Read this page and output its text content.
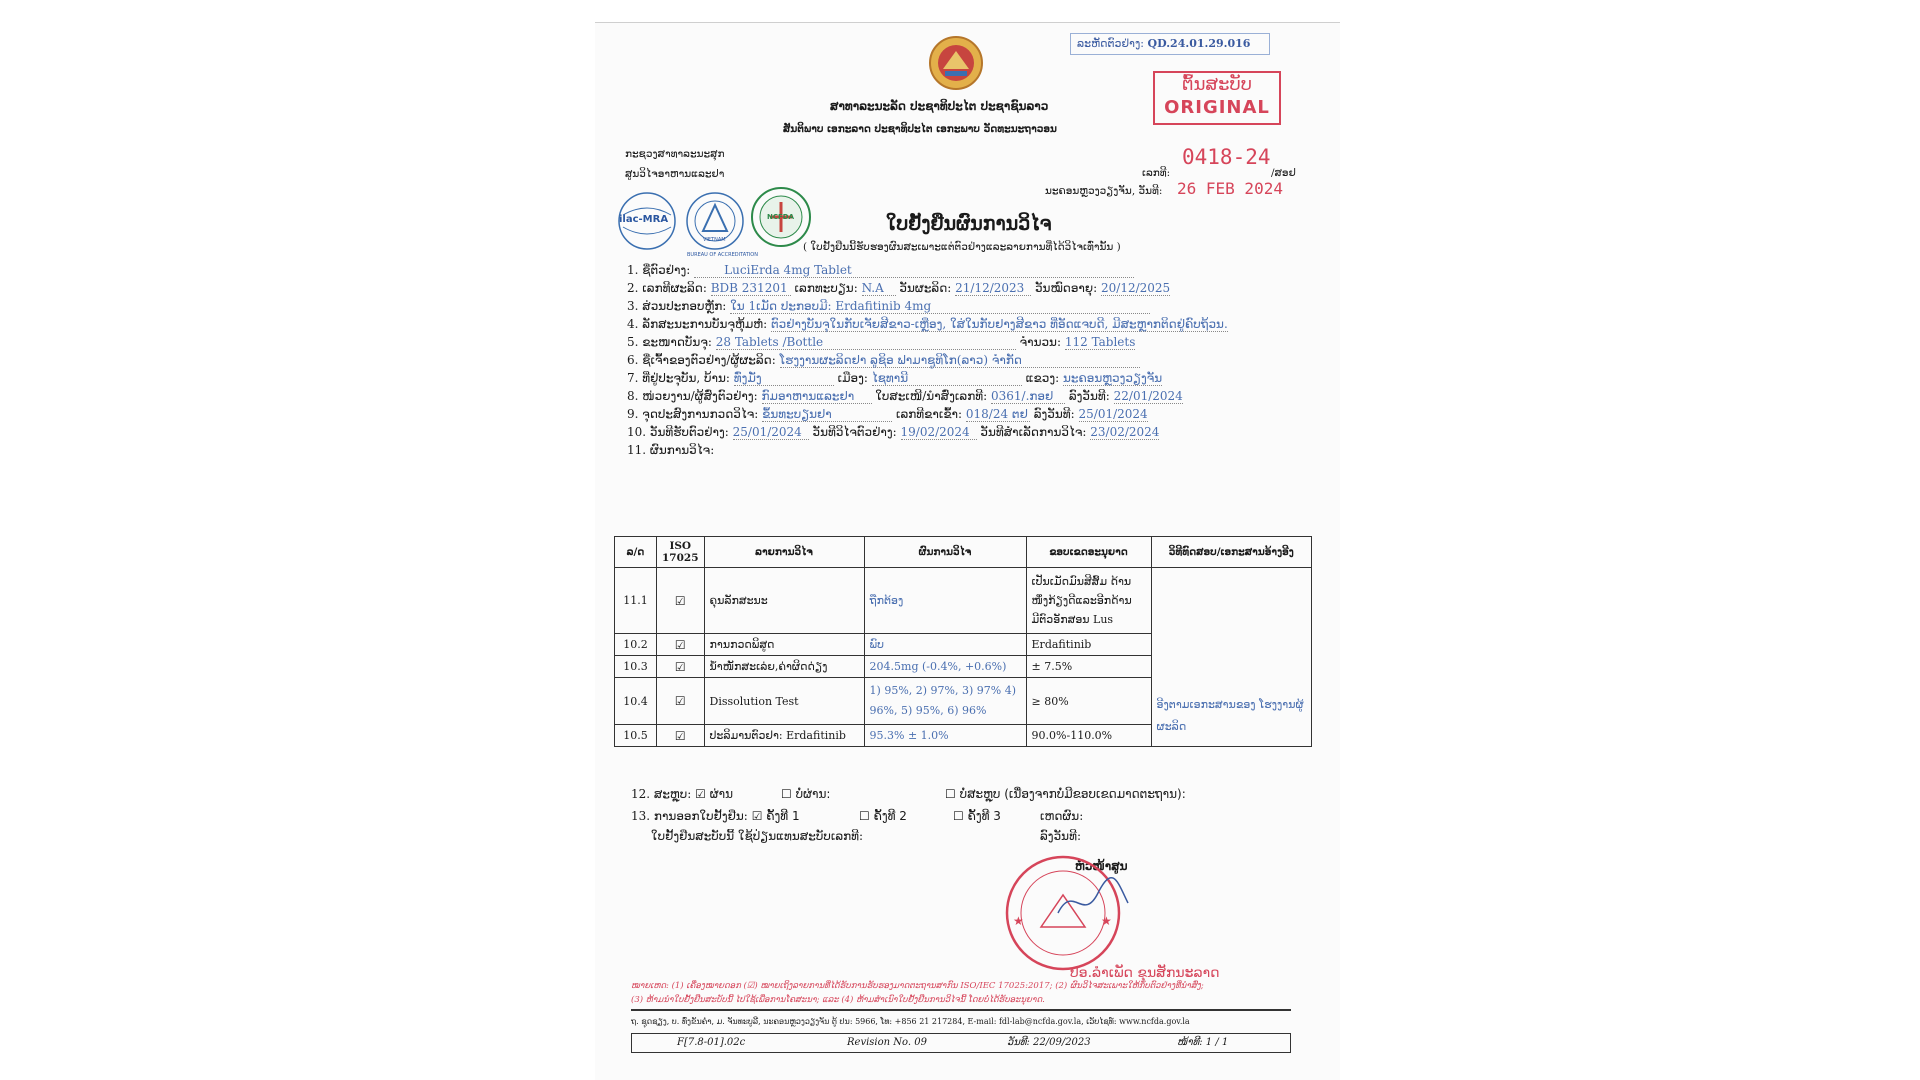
ລະຫັດຕົວຢ່າງ: QD.24.01.29.016
ຕົ້ນສະບັບ
ORIGINAL
ສາທາລະນະລັດ ປະຊາທິປະໄຕ ປະຊາຊົນລາວ
ສັນຕິພາບ ເອກະລາດ ປະຊາທິປະໄຕ ເອກະພາບ ວັດທະນະຖາວອນ
ກະຊວງສາທາລະນະສຸກ
ສູນວິໄຈອາຫານແລະຢາ	ເລກທີ:
0418-24
/ສອຢ
ນະຄອນຫຼວງວຽງຈັນ, ວັນທີ: 26 FEB 2024
ilac-MRA
BUREAU OF ACCREDITATION
VIETNAM
NCFDA	ໃບຢັ້ງຢືນຜົນການວິໄຈ
( ໃບຢັ້ງຢືນນີ້ຮັບຮອງຜົນສະເພາະແຕ່ຕົວຢ່າງແລະລາຍການທີ່ໄດ້ວິໄຈເທົ່ານັ້ນ )
1. ຊື່ຕົວຢ່າງ:	LuciErda 4mg Tablet
2. ເລກທີຜະລິດ: BDB 231201 ເລກທະບຽນ: N.A ວັນຜະລິດ: 21/12/2023 ວັນໝົດອາຍຸ: 20/12/2025
3. ສ່ວນປະກອບຫຼັກ: ໃນ 1ເມັດ ປະກອບມີ: Erdafitinib 4mg
4. ລັກສະນະການບັນຈຸຫຸ້ມຫໍ່: ຕົວຢ່າງບັນຈຸໃນກັບເຈັຍສີຂາວ-ເຫຼືອງ, ໃສ່ໃນກັບຢາງສີຂາວ ທີ່ອັດແຈບດີ, ມີສະຫຼາກຕິດຢູ່ຄົບຖ້ວນ.
5. ຂະໜາດບັນຈຸ: 28 Tablets /Bottle	ຈຳນວນ: 112 Tablets
6. ຊື່ເຈົ້າຂອງຕົວຢ່າງ/ຜູ້ຜະລິດ: ໂຮງງານຜະລິດຢາ ລູຊິອ ຟາມາຊູທິໂກ(ລາວ) ຈຳກັດ
7. ທີ່ຢູ່ປະຈຸບັນ, ບ້ານ: ທົ່ງມັ່ງ	ເມືອງ: ໄຊທານີ	ແຂວງ: ນະຄອນຫຼວງວຽງຈັນ
8. ໜ່ວຍງານ/ຜູ້ສົ່ງຕົວຢ່າງ: ກົມອາຫານແລະຢາ ໃບສະເໜີ/ນຳສົ່ງເລກທີ: 0361/.ກອຢ ລົງວັນທີ: 22/01/2024
9. ຈຸດປະສົງການກວດວິໄຈ: ຂຶ້ນທະບຽນຢາ	ເລກທີຂາເຂົ້າ: 018/24 ຕຢ ລົງວັນທີ: 25/01/2024
10. ວັນທີຮັບຕົວຢ່າງ: 25/01/2024 ວັນທີວິໄຈຕົວຢ່າງ: 19/02/2024 ວັນທີສຳເລັດການວິໄຈ: 23/02/2024
11. ຜົນການວິໄຈ:
ລ/ດ	ISO 17025	ລາຍການວິໄຈ	ຜົນການວິໄຈ	ຂອບເຂດອະນຸຍາດ	ວິທີທົດສອບ/ເອກະສານອ້າງອີງ
11.1	☑	ຄຸນລັກສະນະ	ຖືກຕ້ອງ	ເປັນເມັດມົນສີສົ້ມ ດ້ານໜຶ່ງກ້ຽງດີແລະອີກດ້ານ ມີຕົວອັກສອນ Lus	ອີງຕາມເອກະສານຂອງ ໂຮງງານຜູ້ຜະລິດ
10.2	☑	ການກວດພິສູດ	ພົບ	Erdafitinib	
10.3	☑	ນ້ຳໜັກສະເລ່ຍ,ຄ່າຜິດດ່ຽງ	204.5mg (-0.4%, +0.6%)	± 7.5%	
10.4	☑	Dissolution Test	1) 95%, 2) 97%, 3) 97% 4) 96%, 5) 95%, 6) 96%	≥ 80%	
10.5	☑	ປະລິມານຕົວຢາ: Erdafitinib	95.3% ± 1.0%	90.0%-110.0%	
12. ສະຫຼຸບ: ☑ ຜ່ານ	☐ ບໍ່ຜ່ານ:	☐ ບໍ່ສະຫຼຸບ (ເນື່ອງຈາກບໍ່ມີຂອບເຂດມາດຕະຖານ):
13. ການອອກໃບຢັ້ງຢືນ: ☑ ຄັ້ງທີ 1	☐ ຄັ້ງທີ 2	☐ ຄັ້ງທີ 3	ເຫດຜົນ:
ໃບຢັ້ງຢືນສະບັບນີ້ ໃຊ້ປ່ຽນແທນສະບັບເລກທີ:	ລົງວັນທີ:
ຫົວໜ້າສູນ
★	★
ປອ.ລຳເພັດ ຂຸນສັກນະລາດ
ໝາຍເຫດ: (1) ເຄື່ອງໝາຍດອກ (☑) ໝາຍເຖິງລາຍການທີ່ໄດ້ຮັບການຮັບຮອງມາດຕະຖານສາກົນ ISO/IEC 17025:2017; (2) ຜົນວິໄຈສະເພາະໃຫ້ກັບຕົວຢ່າງທີ່ນຳສົ່ງ;
(3) ຫ້າມນຳໃບຢັ້ງຢືນສະບັບນີ້ ໄປໃຊ້ເພື່ອການໂຄສະນາ; ແລະ (4) ຫ້າມສຳເນົາໃບຢັ້ງຢືນການວິໄຈນີ້ ໂດຍບໍ່ໄດ້ຮັບອະນຸຍາດ.
ຖ. ຊຸດຊຽງ, ບ. ທົ່ງຂັນຄຳ, ມ. ຈັນທະບູລີ, ນະຄອນຫຼວງວຽງຈັນ ຕູ້ ປນ: 5966, ໂທ: +856 21 217284, E-mail: fdl-lab@ncfda.gov.la, ເວັບໄຊທ໌: www.ncfda.gov.la
F[7.8-01].02c	Revision No. 09	ວັນທີ: 22/09/2023	ໜ້າທີ: 1 / 1
